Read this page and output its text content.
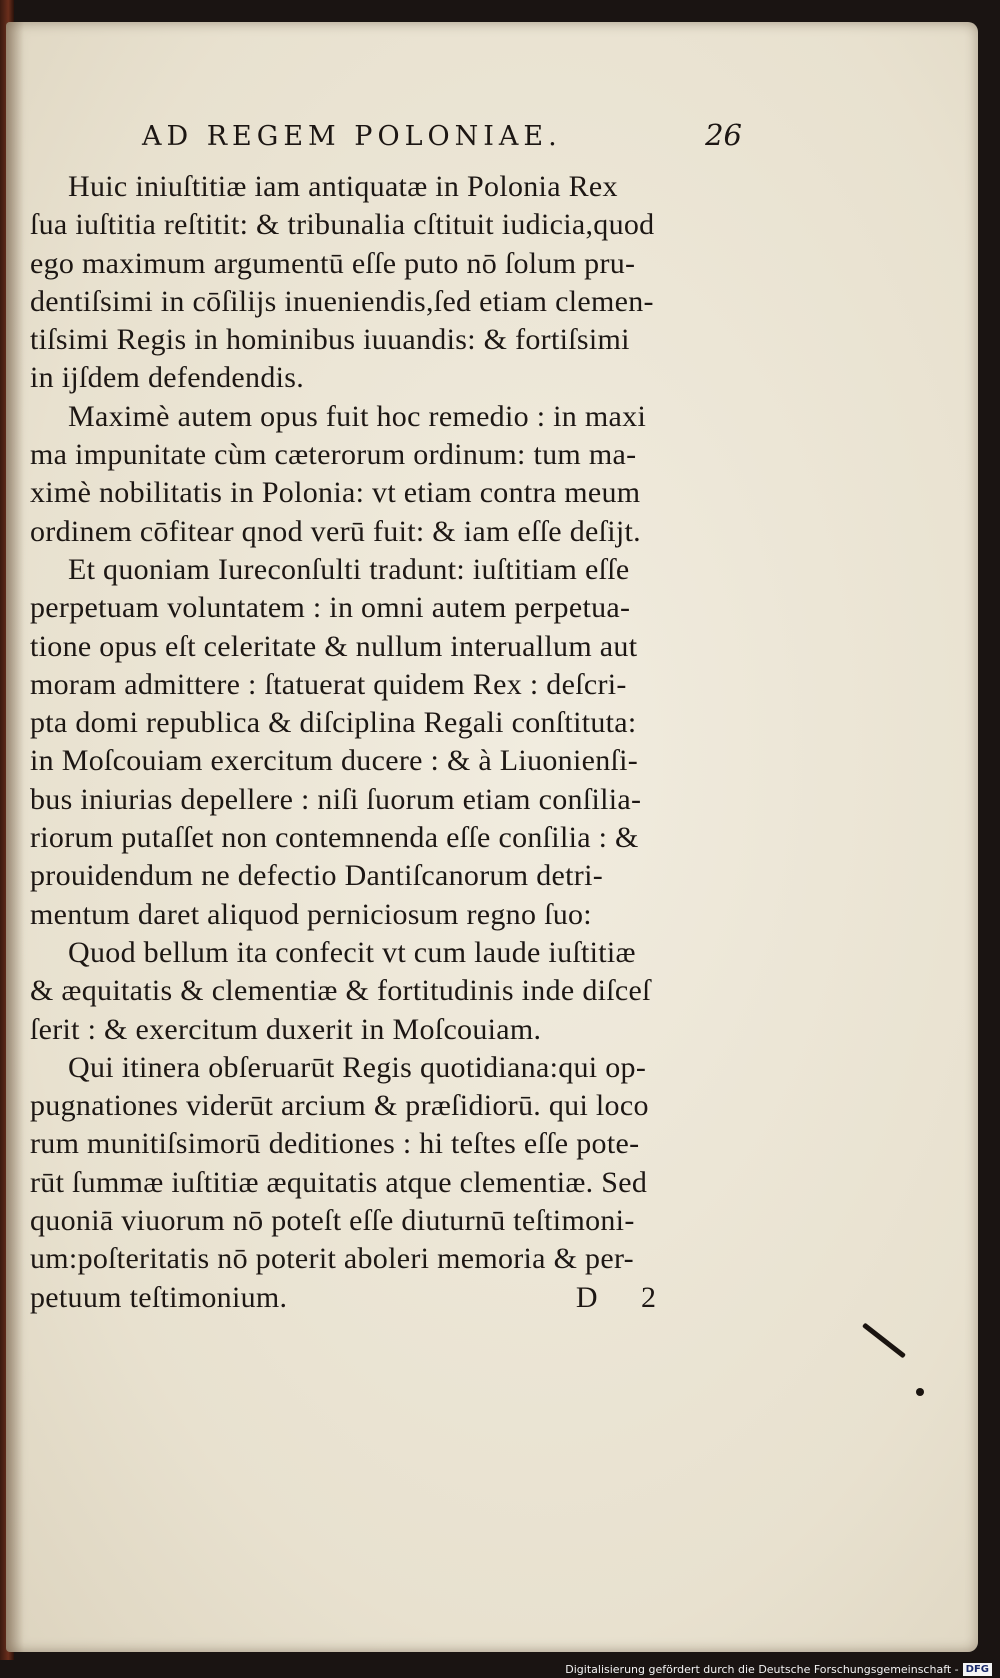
AD REGEM POLONIAE.	26
Huic iniuſtitiæ iam antiquatæ in Polonia Rex
ſua iuſtitia reſtitit: & tribunalia cſtituit iudicia,quod
ego maximum argumentū eſſe puto nō ſolum pru-
dentiſsimi in cōſilijs inueniendis,ſed etiam clemen-
tiſsimi Regis in hominibus iuuandis: & fortiſsimi
in ijſdem defendendis.
Maximè autem opus fuit hoc remedio : in maxi
ma impunitate cùm cæterorum ordinum: tum ma-
ximè nobilitatis in Polonia: vt etiam contra meum
ordinem cōfitear qnod verū fuit: & iam eſſe deſijt.
Et quoniam Iureconſulti tradunt: iuſtitiam eſſe
perpetuam voluntatem : in omni autem perpetua-
tione opus eſt celeritate & nullum interuallum aut
moram admittere : ſtatuerat quidem Rex : deſcri-
pta domi republica & diſciplina Regali conſtituta:
in Moſcouiam exercitum ducere : & à Liuonienſi-
bus iniurias depellere : niſi ſuorum etiam conſilia-
riorum putaſſet non contemnenda eſſe conſilia : &
prouidendum ne defectio Dantiſcanorum detri-
mentum daret aliquod perniciosum regno ſuo:
Quod bellum ita confecit vt cum laude iuſtitiæ
& æquitatis & clementiæ & fortitudinis inde diſceſ
ſerit : & exercitum duxerit in Moſcouiam.
Qui itinera obſeruarūt Regis quotidiana:qui op-
pugnationes viderūt arcium & præſidiorū. qui loco
rum munitiſsimorū deditiones : hi teſtes eſſe pote-
rūt ſummæ iuſtitiæ æquitatis atque clementiæ. Sed
quoniā viuorum nō poteſt eſſe diuturnū teſtimoni-
um:poſteritatis nō poterit aboleri memoria & per-
petuum teſtimonium.	D 2
Digitalisierung gefördert durch die Deutsche Forschungsgemeinschaft - DFG
